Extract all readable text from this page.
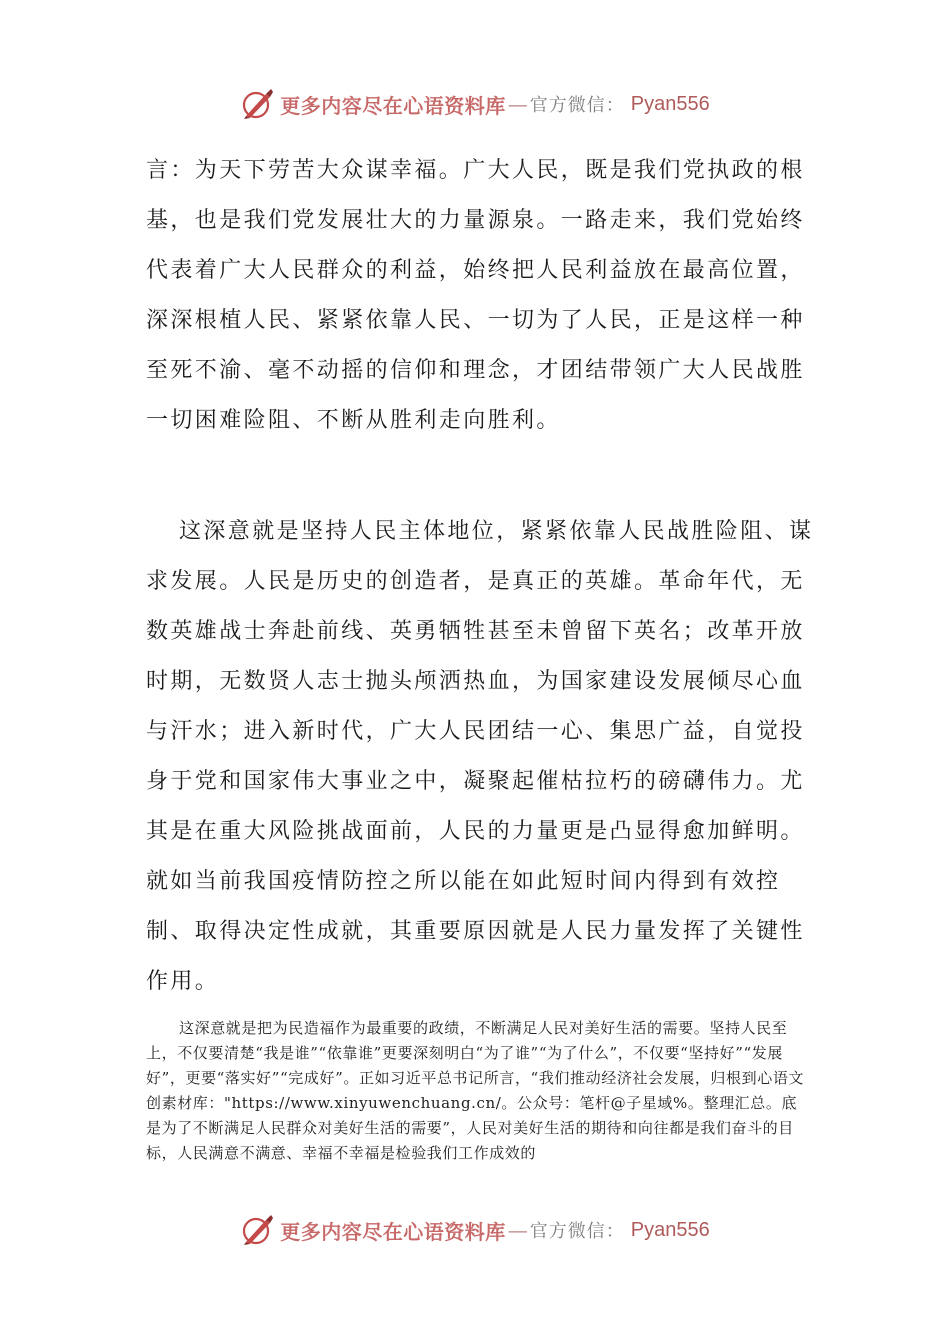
更多内容尽在心语资料库 — 官方微信： Pyan556
言：为天下劳苦大众谋幸福。广大人民，既是我们党执政的根基，也是我们党发展壮大的力量源泉。一路走来，我们党始终代表着广大人民群众的利益，始终把人民利益放在最高位置，深深根植人民、紧紧依靠人民、一切为了人民，正是这样一种至死不渝、毫不动摇的信仰和理念，才团结带领广大人民战胜一切困难险阻、不断从胜利走向胜利。
这深意就是坚持人民主体地位，紧紧依靠人民战胜险阻、谋求发展。人民是历史的创造者，是真正的英雄。革命年代，无数英雄战士奔赴前线、英勇牺牲甚至未曾留下英名；改革开放时期，无数贤人志士抛头颅洒热血，为国家建设发展倾尽心血与汗水；进入新时代，广大人民团结一心、集思广益，自觉投身于党和国家伟大事业之中，凝聚起催枯拉朽的磅礴伟力。尤其是在重大风险挑战面前，人民的力量更是凸显得愈加鲜明。就如当前我国疫情防控之所以能在如此短时间内得到有效控制、取得决定性成就，其重要原因就是人民力量发挥了关键性作用。
这深意就是把为民造福作为最重要的政绩，不断满足人民对美好生活的需要。坚持人民至上，不仅要清楚“我是谁”“依靠谁”更要深刻明白“为了谁”“为了什么”，不仅要“坚持好”“发展好”，更要“落实好”“完成好”。正如习近平总书记所言，“我们推动经济社会发展，归根到心语文创素材库："https://www.xinyuwenchuang.cn/。公众号：笔杆@子星域%。整理汇总。底是为了不断满足人民群众对美好生活的需要”，人民对美好生活的期待和向往都是我们奋斗的目标，人民满意不满意、幸福不幸福是检验我们工作成效的
更多内容尽在心语资料库 — 官方微信： Pyan556
